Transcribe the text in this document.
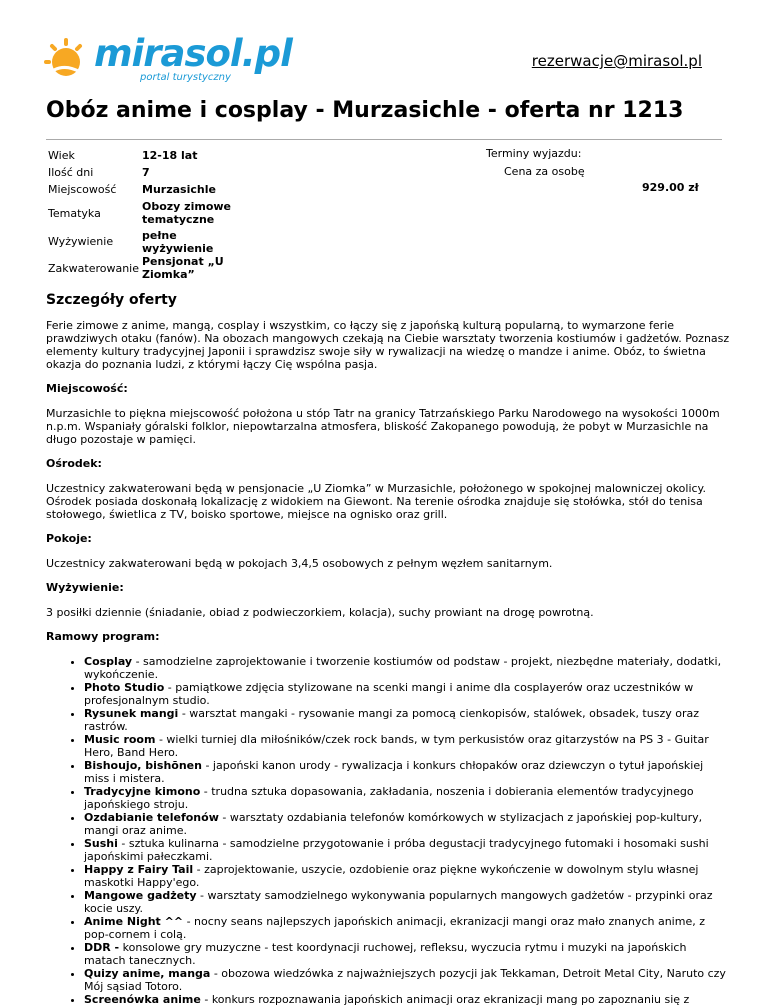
mirasol.pl
portal turystyczny
rezerwacje@mirasol.pl
Obóz anime i cosplay - Murzasichle - oferta nr 1213
Wiek	12-18 lat
Ilość dni	7
Miejscowość	Murzasichle
Tematyka	Obozy zimowe tematyczne
Wyżywienie	pełne wyżywienie
Zakwaterowanie Pensjonat „U Ziomka”
Terminy wyjazdu:
Cena za osobę
929.00 zł
Szczegóły oferty

Ferie zimowe z anime, mangą, cosplay i wszystkim, co łączy się z japońską kulturą popularną, to wymarzone ferie prawdziwych otaku (fanów). Na obozach mangowych czekają na Ciebie warsztaty tworzenia kostiumów i gadżetów. Poznasz elementy kultury tradycyjnej Japonii i sprawdzisz swoje siły w rywalizacji na wiedzę o mandze i anime. Obóz, to świetna okazja do poznania ludzi, z którymi łączy Cię wspólna pasja.

Miejscowość:

Murzasichle to piękna miejscowość położona u stóp Tatr na granicy Tatrzańskiego Parku Narodowego na wysokości 1000m n.p.m. Wspaniały góralski folklor, niepowtarzalna atmosfera, bliskość Zakopanego powodują, że pobyt w Murzasichle na długo pozostaje w pamięci.

Ośrodek:

Uczestnicy zakwaterowani będą w pensjonacie „U Ziomka” w Murzasichle, położonego w spokojnej malowniczej okolicy. Ośrodek posiada doskonałą lokalizację z widokiem na Giewont. Na terenie ośrodka znajduje się stołówka, stół do tenisa stołowego, świetlica z TV, boisko sportowe, miejsce na ognisko oraz grill.

Pokoje:

Uczestnicy zakwaterowani będą w pokojach 3,4,5 osobowych z pełnym węzłem sanitarnym.

Wyżywienie:

3 posiłki dziennie (śniadanie, obiad z podwieczorkiem, kolacja), suchy prowiant na drogę powrotną.

Ramowy program:

• Cosplay - samodzielne zaprojektowanie i tworzenie kostiumów od podstaw - projekt, niezbędne materiały, dodatki, wykończenie.
• Photo Studio - pamiątkowe zdjęcia stylizowane na scenki mangi i anime dla cosplayerów oraz uczestników w profesjonalnym studio.
• Rysunek mangi - warsztat mangaki - rysowanie mangi za pomocą cienkopisów, stalówek, obsadek, tuszy oraz rastrów.
• Music room - wielki turniej dla miłośników/czek rock bands, w tym perkusistów oraz gitarzystów na PS 3 - Guitar Hero, Band Hero.
• Bishoujo, bishōnen - japoński kanon urody - rywalizacja i konkurs chłopaków oraz dziewczyn o tytuł japońskiej miss i mistera.
• Tradycyjne kimono - trudna sztuka dopasowania, zakładania, noszenia i dobierania elementów tradycyjnego japońskiego stroju.
• Ozdabianie telefonów - warsztaty ozdabiania telefonów komórkowych w stylizacjach z japońskiej pop-kultury, mangi oraz anime.
• Sushi - sztuka kulinarna - samodzielne przygotowanie i próba degustacji tradycyjnego futomaki i hosomaki sushi japońskimi pałeczkami.
• Happy z Fairy Tail - zaprojektowanie, uszycie, ozdobienie oraz piękne wykończenie w dowolnym stylu własnej maskotki Happy'ego.
• Mangowe gadżety - warsztaty samodzielnego wykonywania popularnych mangowych gadżetów - przypinki oraz kocie uszy.
• Anime Night ^^ - nocny seans najlepszych japońskich animacji, ekranizacji mangi oraz mało znanych anime, z pop-cornem i colą.
• DDR - konsolowe gry muzyczne - test koordynacji ruchowej, refleksu, wyczucia rytmu i muzyki na japońskich matach tanecznych.
• Quizy anime, manga - obozowa wiedzówka z najważniejszych pozycji jak Tekkaman, Detroit Metal City, Naruto czy Mój sąsiad Totoro.
• Screenówka anime - konkurs rozpoznawania japońskich animacji oraz ekranizacji mang po zapoznaniu się z
